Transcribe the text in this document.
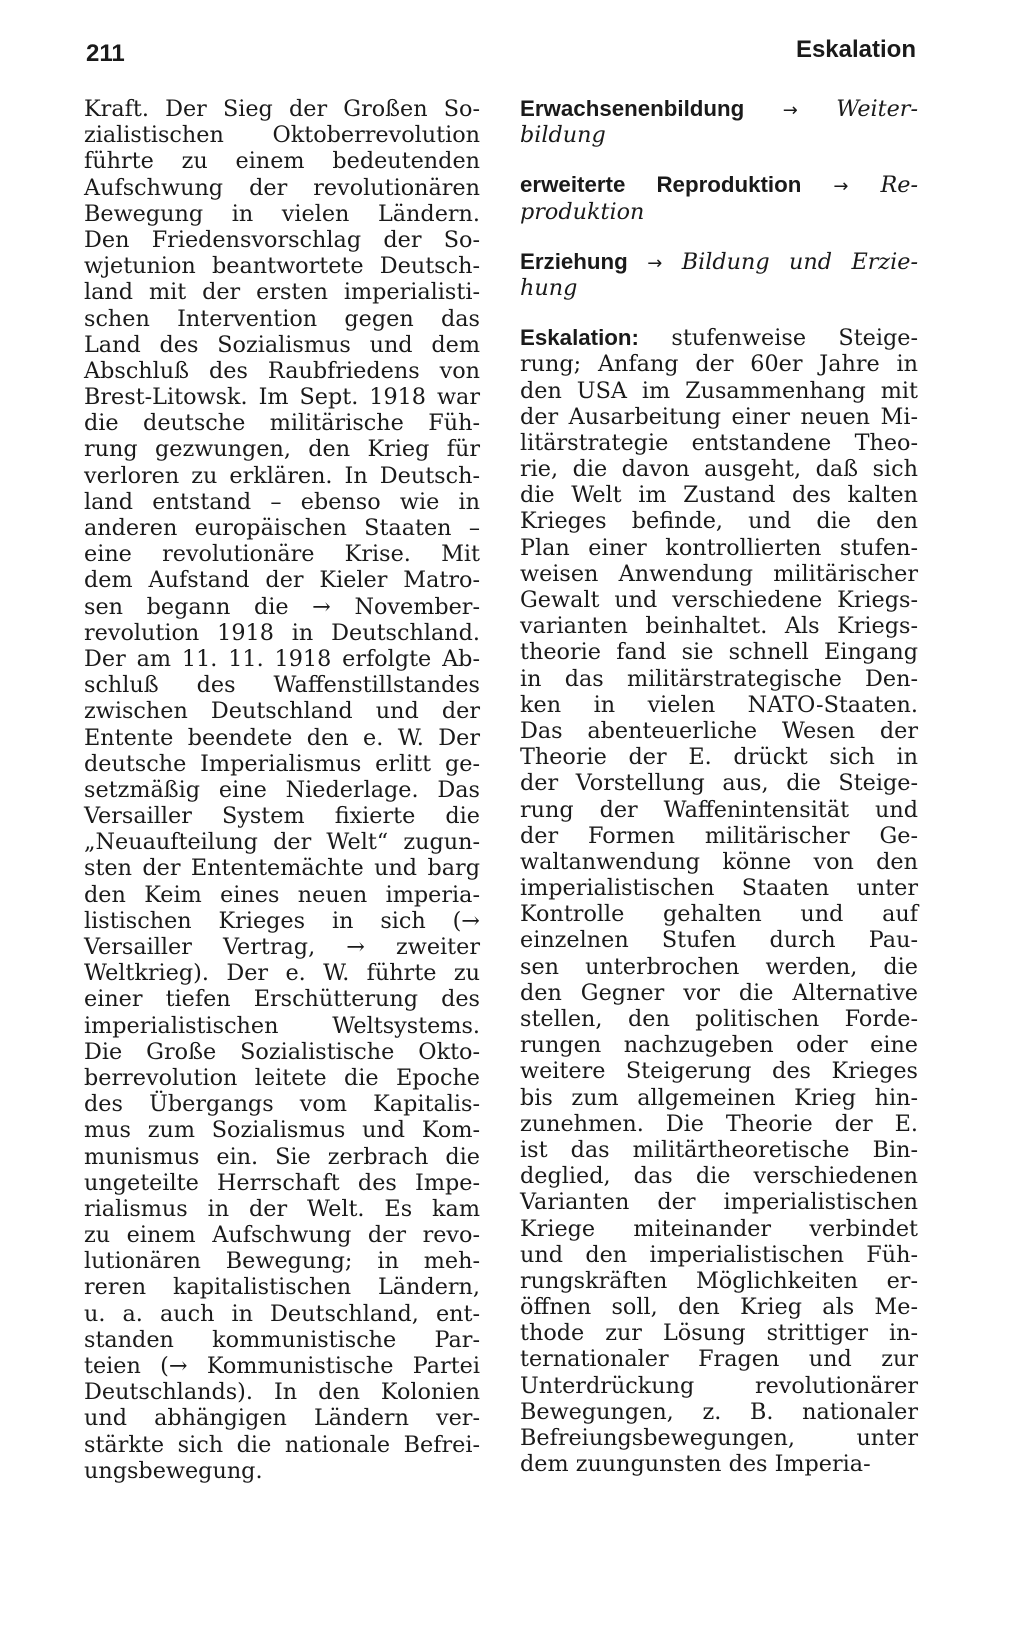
211	Eskalation
Kraft. Der Sieg der Großen So-
zialistischen Oktoberrevolution
führte zu einem bedeutenden
Aufschwung der revolutionären
Bewegung in vielen Ländern.
Den Friedensvorschlag der So-
wjetunion beantwortete Deutsch-
land mit der ersten imperialisti-
schen Intervention gegen das
Land des Sozialismus und dem
Abschluß des Raubfriedens von
Brest-Litowsk. Im Sept. 1918 war
die deutsche militärische Füh-
rung gezwungen, den Krieg für
verloren zu erklären. In Deutsch-
land entstand – ebenso wie in
anderen europäischen Staaten –
eine revolutionäre Krise. Mit
dem Aufstand der Kieler Matro-
sen begann die → November-
revolution 1918 in Deutschland.
Der am 11. 11. 1918 erfolgte Ab-
schluß des Waffenstillstandes
zwischen Deutschland und der
Entente beendete den e. W. Der
deutsche Imperialismus erlitt ge-
setzmäßig eine Niederlage. Das
Versailler System fixierte die
„Neuaufteilung der Welt“ zugun-
sten der Ententemächte und barg
den Keim eines neuen imperia-
listischen Krieges in sich (→
Versailler Vertrag, → zweiter
Weltkrieg). Der e. W. führte zu
einer tiefen Erschütterung des
imperialistischen Weltsystems.
Die Große Sozialistische Okto-
berrevolution leitete die Epoche
des Übergangs vom Kapitalis-
mus zum Sozialismus und Kom-
munismus ein. Sie zerbrach die
ungeteilte Herrschaft des Impe-
rialismus in der Welt. Es kam
zu einem Aufschwung der revo-
lutionären Bewegung; in meh-
reren kapitalistischen Ländern,
u. a. auch in Deutschland, ent-
standen kommunistische Par-
teien (→ Kommunistische Partei
Deutschlands). In den Kolonien
und abhängigen Ländern ver-
stärkte sich die nationale Befrei-
ungsbewegung.
Erwachsenenbildung → Weiter-
bildung
erweiterte Reproduktion → Re-
produktion
Erziehung → Bildung und Erzie-
hung
Eskalation: stufenweise Steige-
rung; Anfang der 60er Jahre in
den USA im Zusammenhang mit
der Ausarbeitung einer neuen Mi-
litärstrategie entstandene Theo-
rie, die davon ausgeht, daß sich
die Welt im Zustand des kalten
Krieges befinde, und die den
Plan einer kontrollierten stufen-
weisen Anwendung militärischer
Gewalt und verschiedene Kriegs-
varianten beinhaltet. Als Kriegs-
theorie fand sie schnell Eingang
in das militärstrategische Den-
ken in vielen NATO-Staaten.
Das abenteuerliche Wesen der
Theorie der E. drückt sich in
der Vorstellung aus, die Steige-
rung der Waffenintensität und
der Formen militärischer Ge-
waltanwendung könne von den
imperialistischen Staaten unter
Kontrolle gehalten und auf
einzelnen Stufen durch Pau-
sen unterbrochen werden, die
den Gegner vor die Alternative
stellen, den politischen Forde-
rungen nachzugeben oder eine
weitere Steigerung des Krieges
bis zum allgemeinen Krieg hin-
zunehmen. Die Theorie der E.
ist das militärtheoretische Bin-
deglied, das die verschiedenen
Varianten der imperialistischen
Kriege miteinander verbindet
und den imperialistischen Füh-
rungskräften Möglichkeiten er-
öffnen soll, den Krieg als Me-
thode zur Lösung strittiger in-
ternationaler Fragen und zur
Unterdrückung revolutionärer
Bewegungen, z. B. nationaler
Befreiungsbewegungen, unter
dem zuungunsten des Imperia-
